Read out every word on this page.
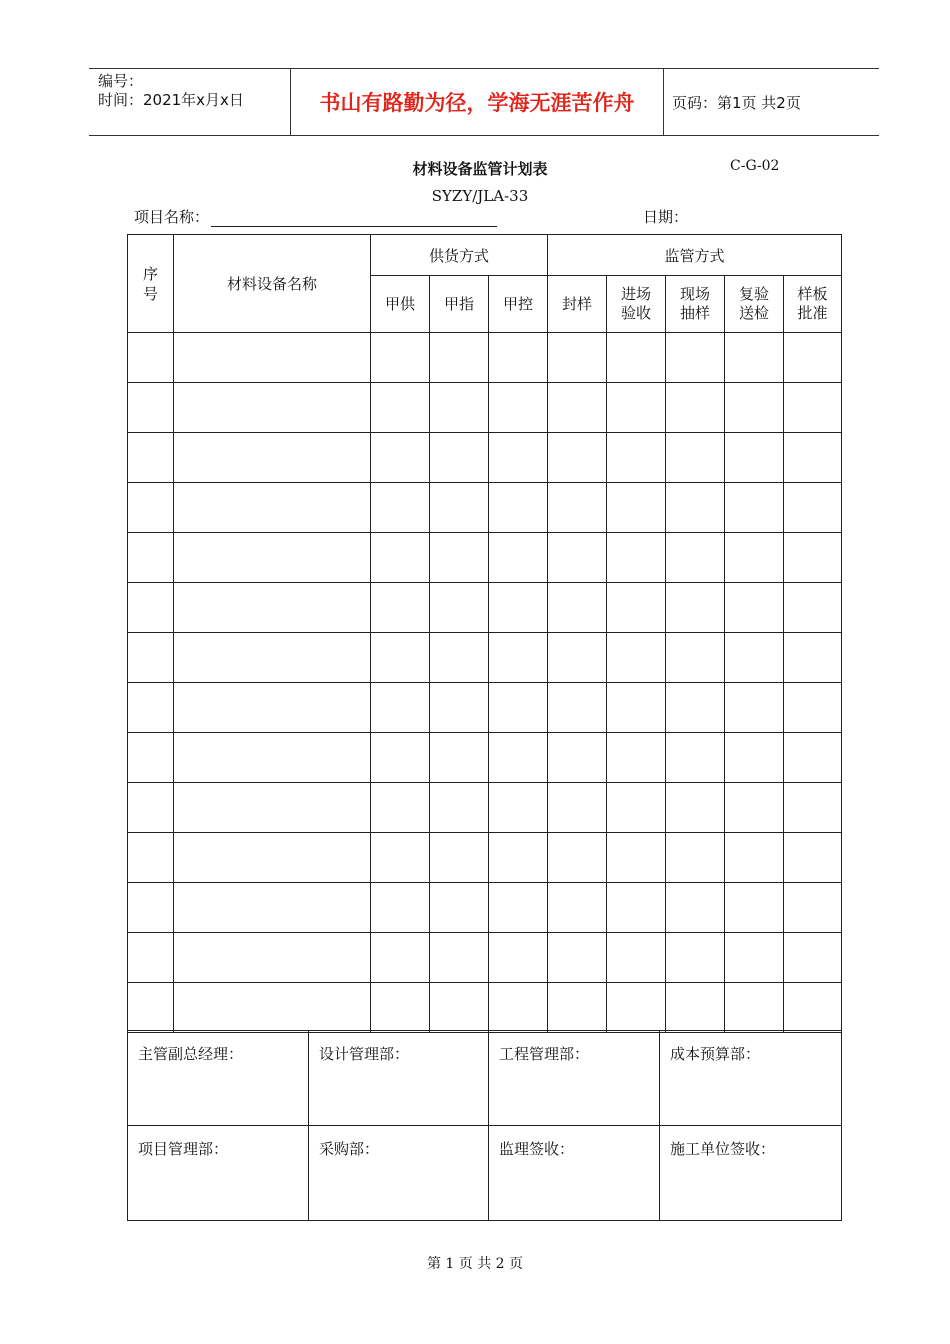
编号：
时间：2021年x月x日	书山有路勤为径，学海无涯苦作舟	页码：第1页 共2页
材料设备监管计划表	C-G-02
SYZY/JLA-33
项目名称：	日期：
序号	材料设备名称	供货方式			监管方式				
		甲供	甲指	甲控	封样	进场验收	现场抽样	复验送检	样板批准

主管副总经理：	设计管理部：	工程管理部：	成本预算部：
项目管理部：	采购部：	监理签收：	施工单位签收：
第 1 页 共 2 页
